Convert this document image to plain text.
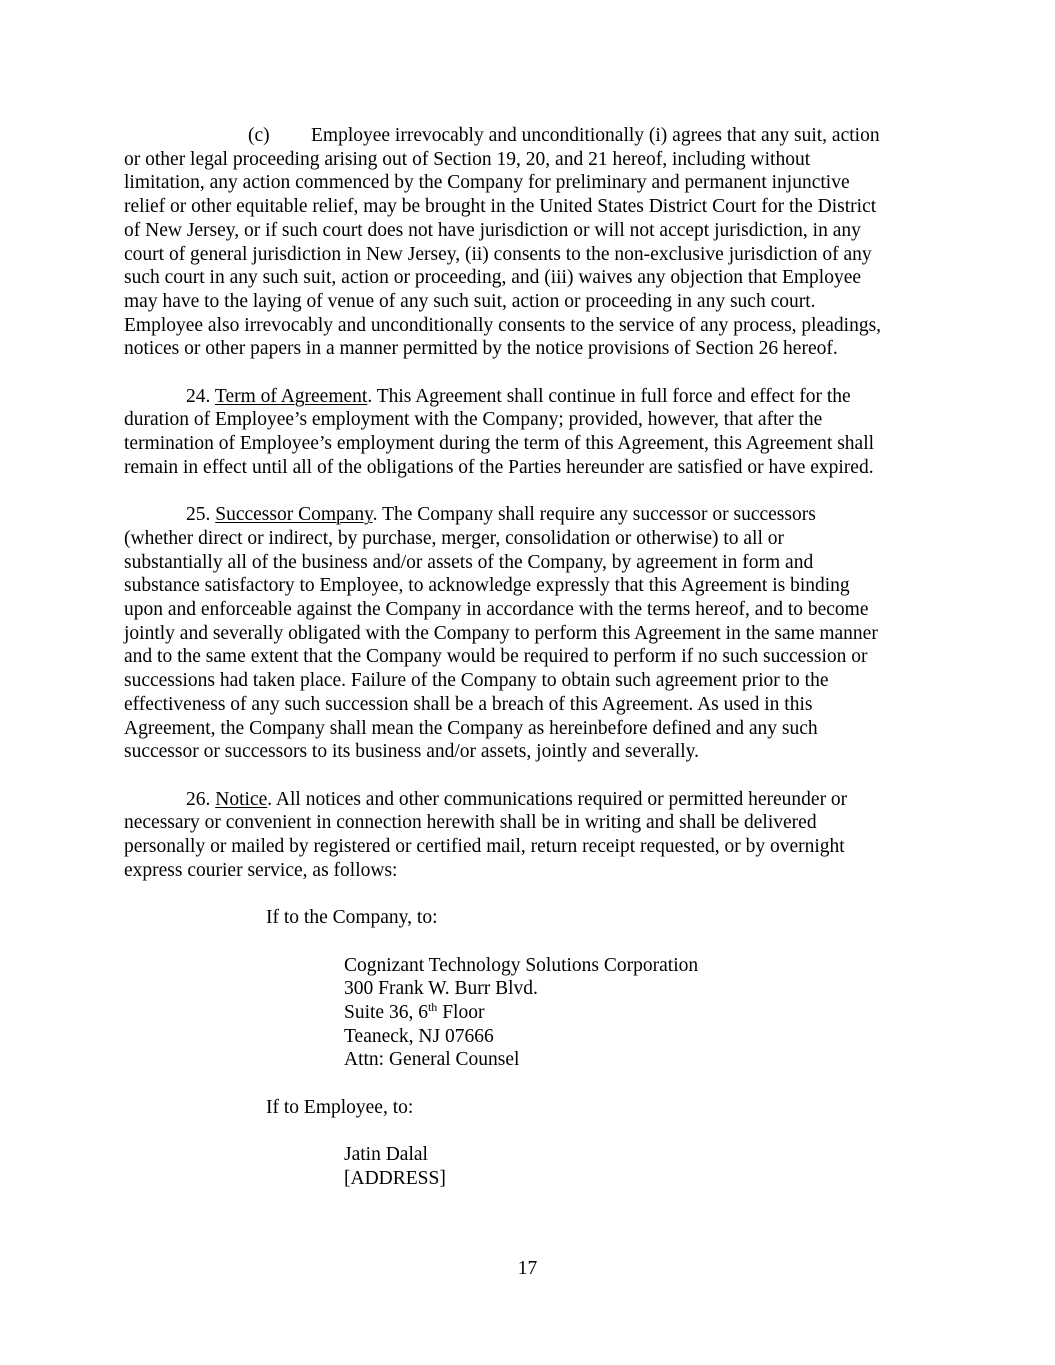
(c) Employee irrevocably and unconditionally (i) agrees that any suit, action

or other legal proceeding arising out of Section 19, 20, and 21 hereof, including without

limitation, any action commenced by the Company for preliminary and permanent injunctive

relief or other equitable relief, may be brought in the United States District Court for the District

of New Jersey, or if such court does not have jurisdiction or will not accept jurisdiction, in any

court of general jurisdiction in New Jersey, (ii) consents to the non-exclusive jurisdiction of any

such court in any such suit, action or proceeding, and (iii) waives any objection that Employee

may have to the laying of venue of any such suit, action or proceeding in any such court.

Employee also irrevocably and unconditionally consents to the service of any process, pleadings,

notices or other papers in a manner permitted by the notice provisions of Section 26 hereof.

24. Term of Agreement. This Agreement shall continue in full force and effect for the

duration of Employee’s employment with the Company; provided, however, that after the

termination of Employee’s employment during the term of this Agreement, this Agreement shall

remain in effect until all of the obligations of the Parties hereunder are satisfied or have expired.

25. Successor Company. The Company shall require any successor or successors

(whether direct or indirect, by purchase, merger, consolidation or otherwise) to all or

substantially all of the business and/or assets of the Company, by agreement in form and

substance satisfactory to Employee, to acknowledge expressly that this Agreement is binding

upon and enforceable against the Company in accordance with the terms hereof, and to become

jointly and severally obligated with the Company to perform this Agreement in the same manner

and to the same extent that the Company would be required to perform if no such succession or

successions had taken place. Failure of the Company to obtain such agreement prior to the

effectiveness of any such succession shall be a breach of this Agreement. As used in this

Agreement, the Company shall mean the Company as hereinbefore defined and any such

successor or successors to its business and/or assets, jointly and severally.

26. Notice. All notices and other communications required or permitted hereunder or

necessary or convenient in connection herewith shall be in writing and shall be delivered

personally or mailed by registered or certified mail, return receipt requested, or by overnight

express courier service, as follows:

If to the Company, to:

Cognizant Technology Solutions Corporation

300 Frank W. Burr Blvd.

Suite 36, 6th Floor

Teaneck, NJ 07666

Attn: General Counsel

If to Employee, to:

Jatin Dalal

[ADDRESS]

17
